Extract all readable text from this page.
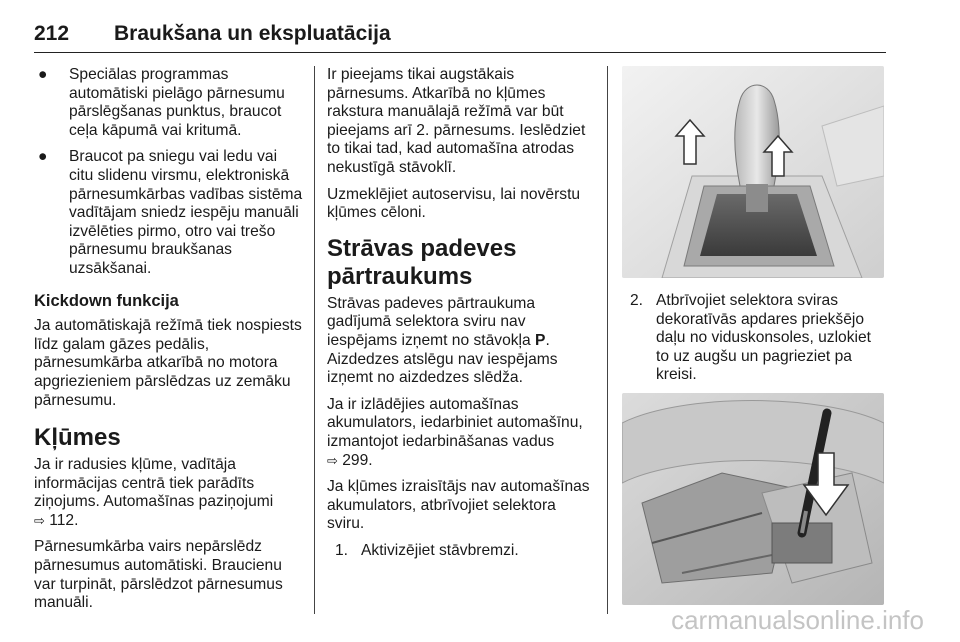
212 Braukšana un ekspluatācija
● Speciālas programmas automātiski pielāgo pārnesumu pārslēgšanas punktus, braucot ceļa kāpumā vai kritumā.
● Braucot pa sniegu vai ledu vai citu slidenu virsmu, elektroniskā pārnesumkārbas vadības sistēma vadītājam sniedz iespēju manuāli izvēlēties pirmo, otro vai trešo pārnesumu braukšanas uzsākšanai.
Kickdown funkcija

Ja automātiskajā režīmā tiek nospiests līdz galam gāzes pedālis, pārnesumkārba atkarībā no motora apgriezieniem pārslēdzas uz zemāku pārnesumu.

Kļūmes

Ja ir radusies kļūme, vadītāja informācijas centrā tiek parādīts ziņojums. Automašīnas paziņojumi
⇨ 112.

Pārnesumkārba vairs nepārslēdz pārnesumus automātiski. Braucienu var turpināt, pārslēdzot pārnesumus manuāli.

Ir pieejams tikai augstākais pārnesums. Atkarībā no kļūmes rakstura manuālajā režīmā var būt pieejams arī 2. pārnesums. Ieslēdziet to tikai tad, kad automašīna atrodas nekustīgā stāvoklī.

Uzmeklējiet autoservisu, lai novērstu kļūmes cēloni.

Strāvas padeves pārtraukums

Strāvas padeves pārtraukuma gadījumā selektora sviru nav iespējams izņemt no stāvokļa P. Aizdedzes atslēgu nav iespējams izņemt no aizdedzes slēdža.

Ja ir izlādējies automašīnas akumulators, iedarbiniet automašīnu, izmantojot iedarbināšanas vadus
⇨ 299.

Ja kļūmes izraisītājs nav automašīnas akumulators, atbrīvojiet selektora sviru.

1. Aktivizējiet stāvbremzi.
2. Atbrīvojiet selektora sviras dekoratīvās apdares priekšējo daļu no viduskonsoles, uzlokiet to uz augšu un pagrieziet pa kreisi.
carmanualsonline.info
